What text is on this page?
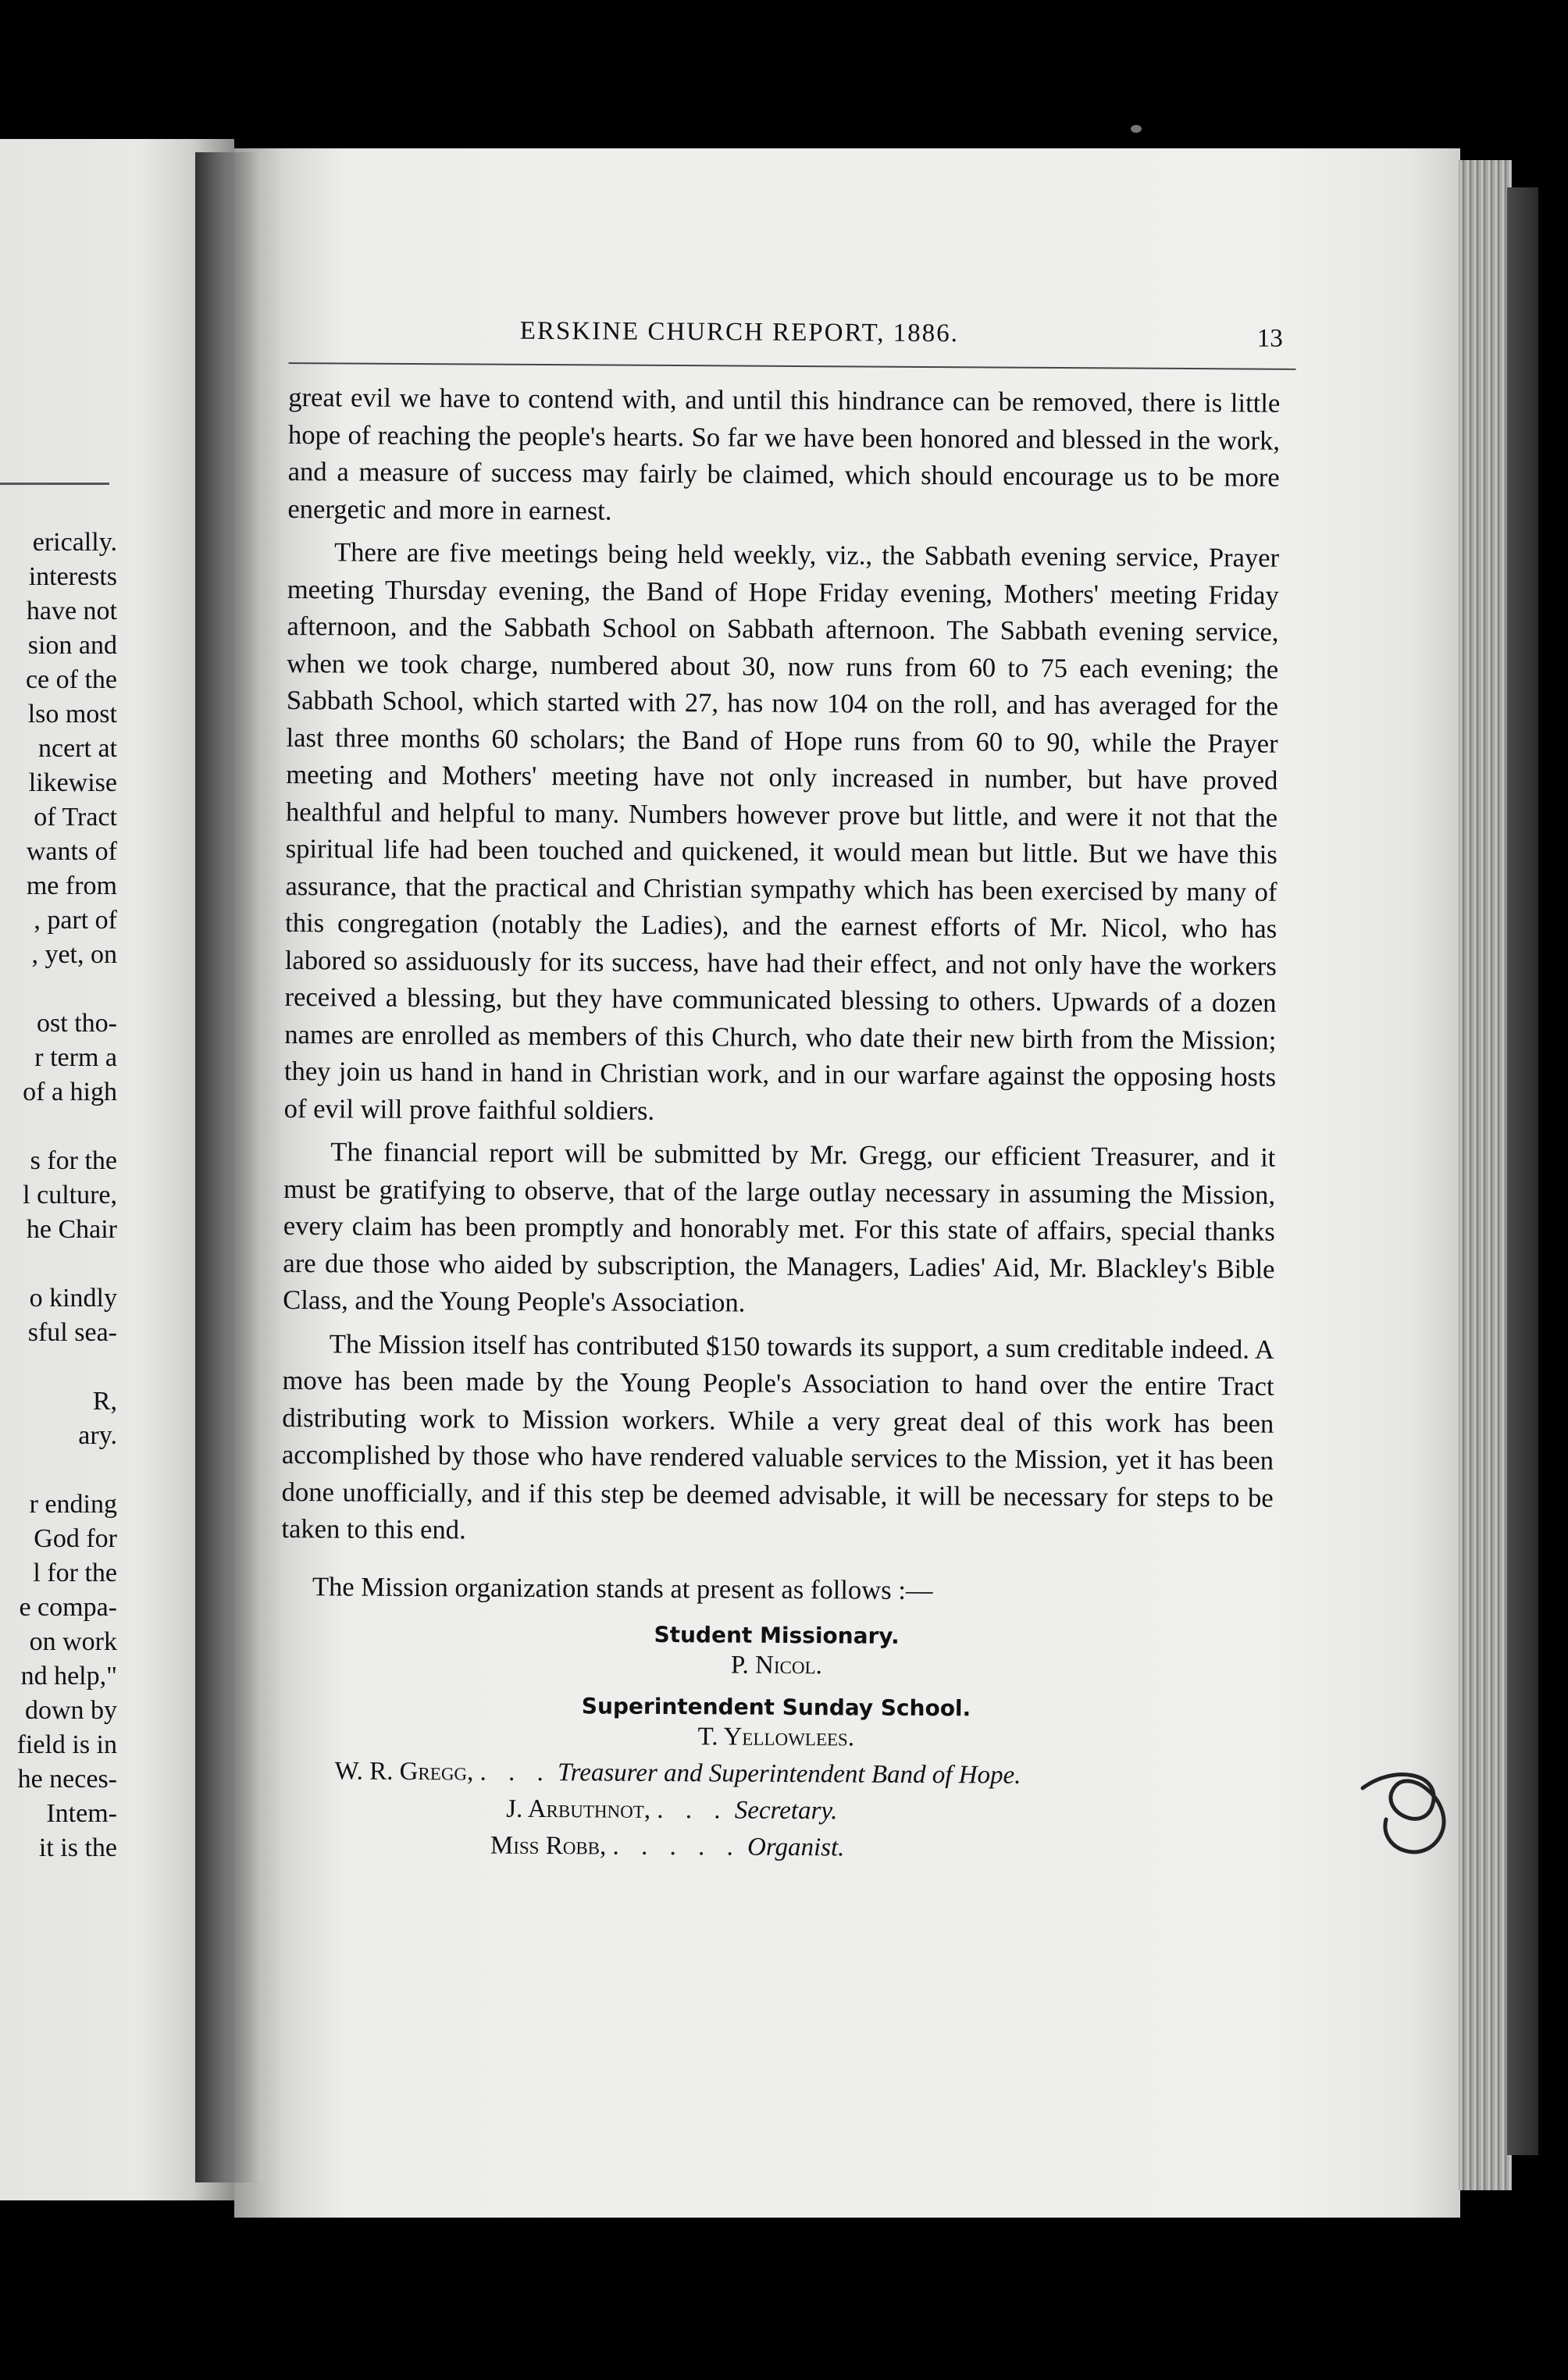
erically.
interests
have not
sion and
ce of the
lso most
ncert at
likewise
of Tract
wants of
me from
, part of
, yet, on
ost tho-
r term a
of a high
s for the
l culture,
he Chair
o kindly
sful sea-
R,
ary.
r ending
God for
l for the
e compa-
on work
nd help,"
down by
field is in
he neces-
Intem-
it is the
ERSKINE CHURCH REPORT, 1886.	13

great evil we have to contend with, and until this hindrance can be removed, there is little hope of reaching the people's hearts. So far we have been honored and blessed in the work, and a measure of success may fairly be claimed, which should encourage us to be more energetic and more in earnest.

There are five meetings being held weekly, viz., the Sabbath evening service, Prayer meeting Thursday evening, the Band of Hope Friday evening, Mothers' meeting Friday afternoon, and the Sabbath School on Sabbath afternoon. The Sabbath evening service, when we took charge, numbered about 30, now runs from 60 to 75 each evening; the Sabbath School, which started with 27, has now 104 on the roll, and has averaged for the last three months 60 scholars; the Band of Hope runs from 60 to 90, while the Prayer meeting and Mothers' meeting have not only increased in number, but have proved healthful and helpful to many. Numbers however prove but little, and were it not that the spiritual life had been touched and quickened, it would mean but little. But we have this assurance, that the practical and Christian sympathy which has been exercised by many of this congregation (notably the Ladies), and the earnest efforts of Mr. Nicol, who has labored so assiduously for its success, have had their effect, and not only have the workers received a blessing, but they have communicated blessing to others. Upwards of a dozen names are enrolled as members of this Church, who date their new birth from the Mission; they join us hand in hand in Christian work, and in our warfare against the opposing hosts of evil will prove faithful soldiers.

The financial report will be submitted by Mr. Gregg, our efficient Treasurer, and it must be gratifying to observe, that of the large outlay necessary in assuming the Mission, every claim has been promptly and honorably met. For this state of affairs, special thanks are due those who aided by subscription, the Managers, Ladies' Aid, Mr. Blackley's Bible Class, and the Young People's Association.

The Mission itself has contributed $150 towards its support, a sum creditable indeed. A move has been made by the Young People's Association to hand over the entire Tract distributing work to Mission workers. While a very great deal of this work has been accomplished by those who have rendered valuable services to the Mission, yet it has been done unofficially, and if this step be deemed advisable, it will be necessary for steps to be taken to this end.

The Mission organization stands at present as follows :—
Student Missionary.
P. Nicol.
Superintendent Sunday School.
T. Yellowlees.
W. R. Gregg, . . . Treasurer and Superintendent Band of Hope.
J. Arbuthnot, . . . Secretary.
Miss Robb, . . . . . Organist.
